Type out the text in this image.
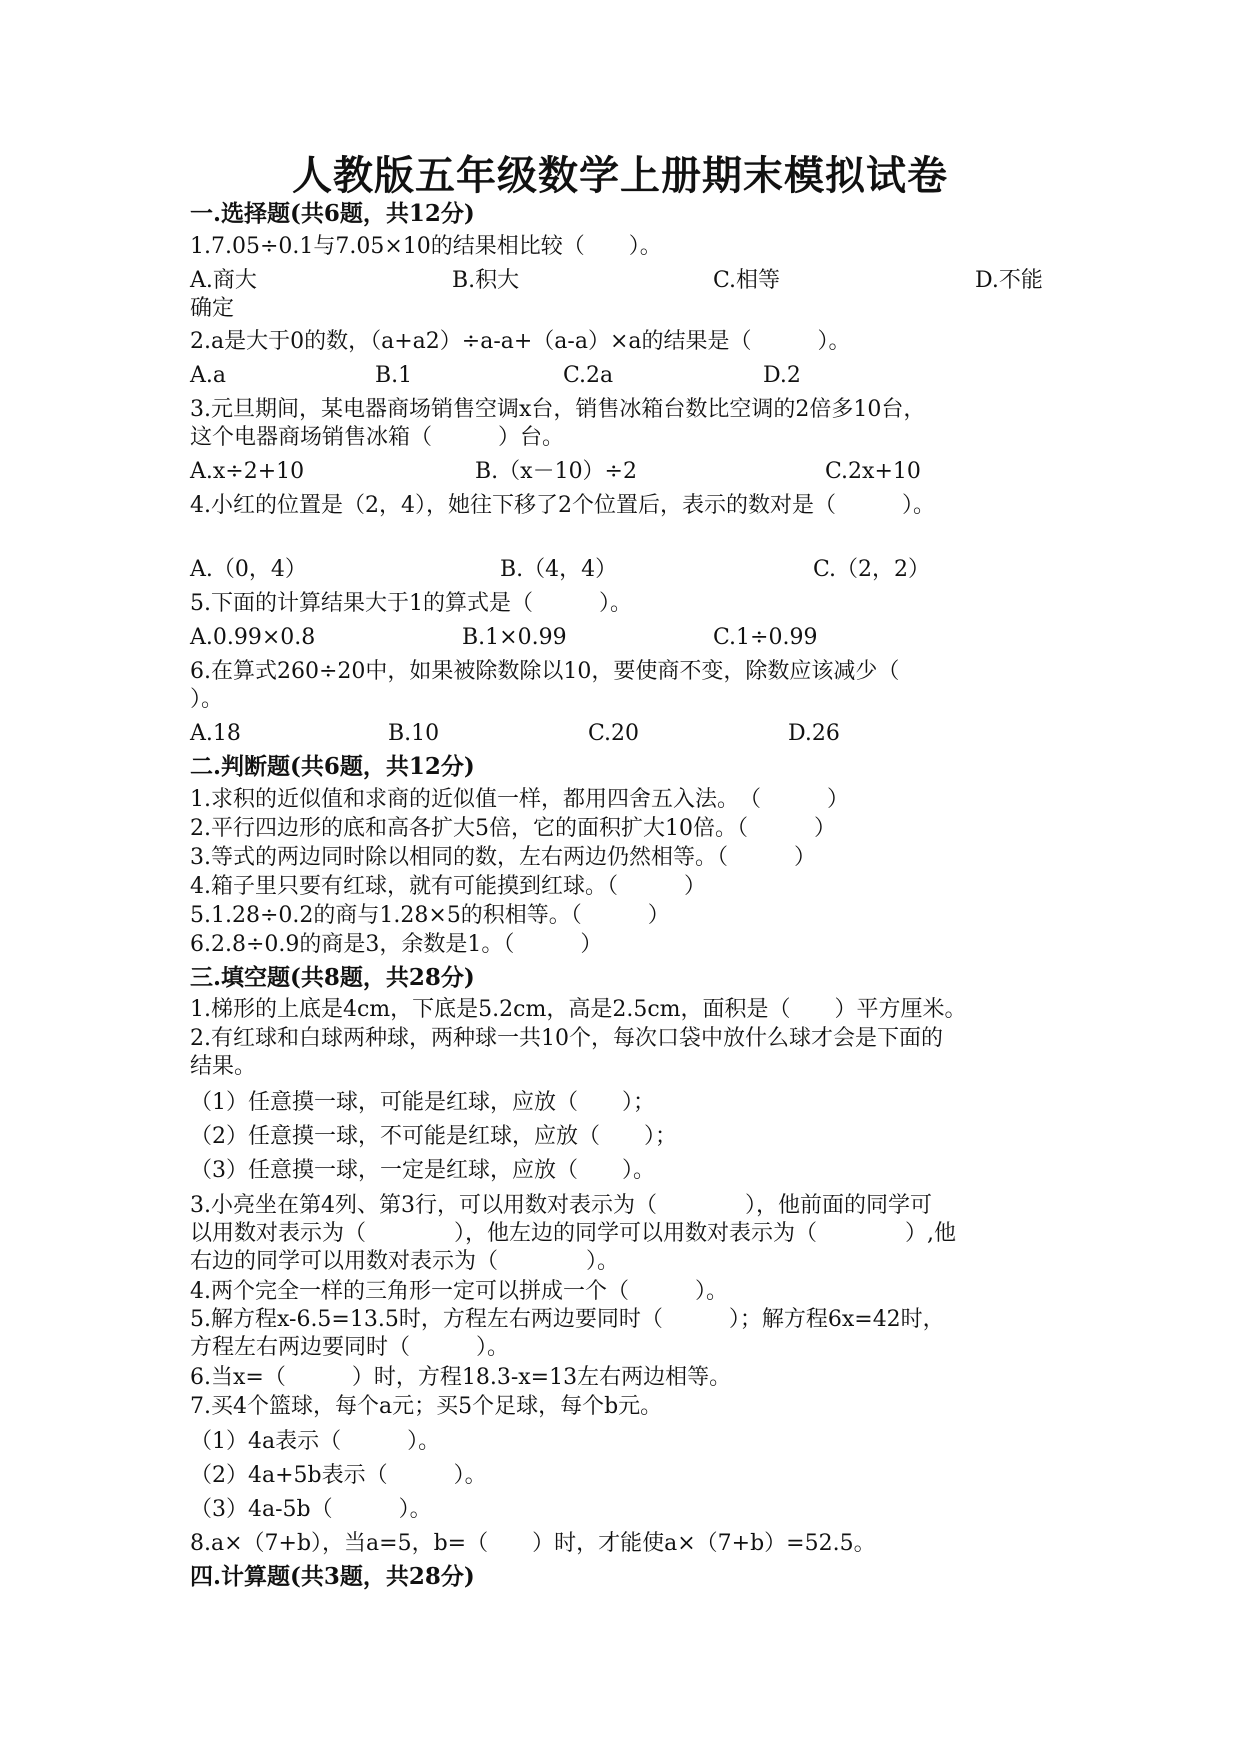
人教版五年级数学上册期末模拟试卷
一.选择题(共6题，共12分)
1.7.05÷0.1与7.05×10的结果相比较（　　）。
A.商大	B.积大	C.相等	D.不能
确定
2.a是大于0的数，（a+a2）÷a-a+（a-a）×a的结果是（　　　）。
A.a	B.1	C.2a	D.2
3.元旦期间，某电器商场销售空调x台，销售冰箱台数比空调的2倍多10台，
这个电器商场销售冰箱（　　　）台。
A.x÷2+10	B.（x－10）÷2	C.2x+10
4.小红的位置是（2，4），她往下移了2个位置后，表示的数对是（　　　）。
A.（0，4）	B.（4，4）	C.（2，2）
5.下面的计算结果大于1的算式是（　　　）。
A.0.99×0.8	B.1×0.99	C.1÷0.99
6.在算式260÷20中，如果被除数除以10，要使商不变，除数应该减少（
）。
A.18	B.10	C.20	D.26
二.判断题(共6题，共12分)
1.求积的近似值和求商的近似值一样，都用四舍五入法。　（　　　）
2.平行四边形的底和高各扩大5倍，它的面积扩大10倍。（　　　）
3.等式的两边同时除以相同的数，左右两边仍然相等。（　　　）
4.箱子里只要有红球，就有可能摸到红球。（　　　）
5.1.28÷0.2的商与1.28×5的积相等。（　　　）
6.2.8÷0.9的商是3，余数是1。（　　　）
三.填空题(共8题，共28分)
1.梯形的上底是4cm，下底是5.2cm，高是2.5cm，面积是（　　）平方厘米。
2.有红球和白球两种球，两种球一共10个，每次口袋中放什么球才会是下面的
结果。
（1）任意摸一球，可能是红球，应放（　　）；
（2）任意摸一球，不可能是红球，应放（　　）；
（3）任意摸一球，一定是红球，应放（　　）。
3.小亮坐在第4列、第3行，可以用数对表示为（　　　　），他前面的同学可
以用数对表示为（　　　　），他左边的同学可以用数对表示为（　　　　）,他
右边的同学可以用数对表示为（　　　　）。
4.两个完全一样的三角形一定可以拼成一个（　　　）。
5.解方程x-6.5=13.5时，方程左右两边要同时（　　　）；解方程6x=42时，
方程左右两边要同时（　　　）。
6.当x=（　　　）时，方程18.3-x=13左右两边相等。
7.买4个篮球，每个a元；买5个足球，每个b元。
（1）4a表示（　　　）。
（2）4a+5b表示（　　　）。
（3）4a-5b（　　　）。
8.a×（7+b），当a=5，b=（　　）时，才能使a×（7+b）=52.5。
四.计算题(共3题，共28分)
